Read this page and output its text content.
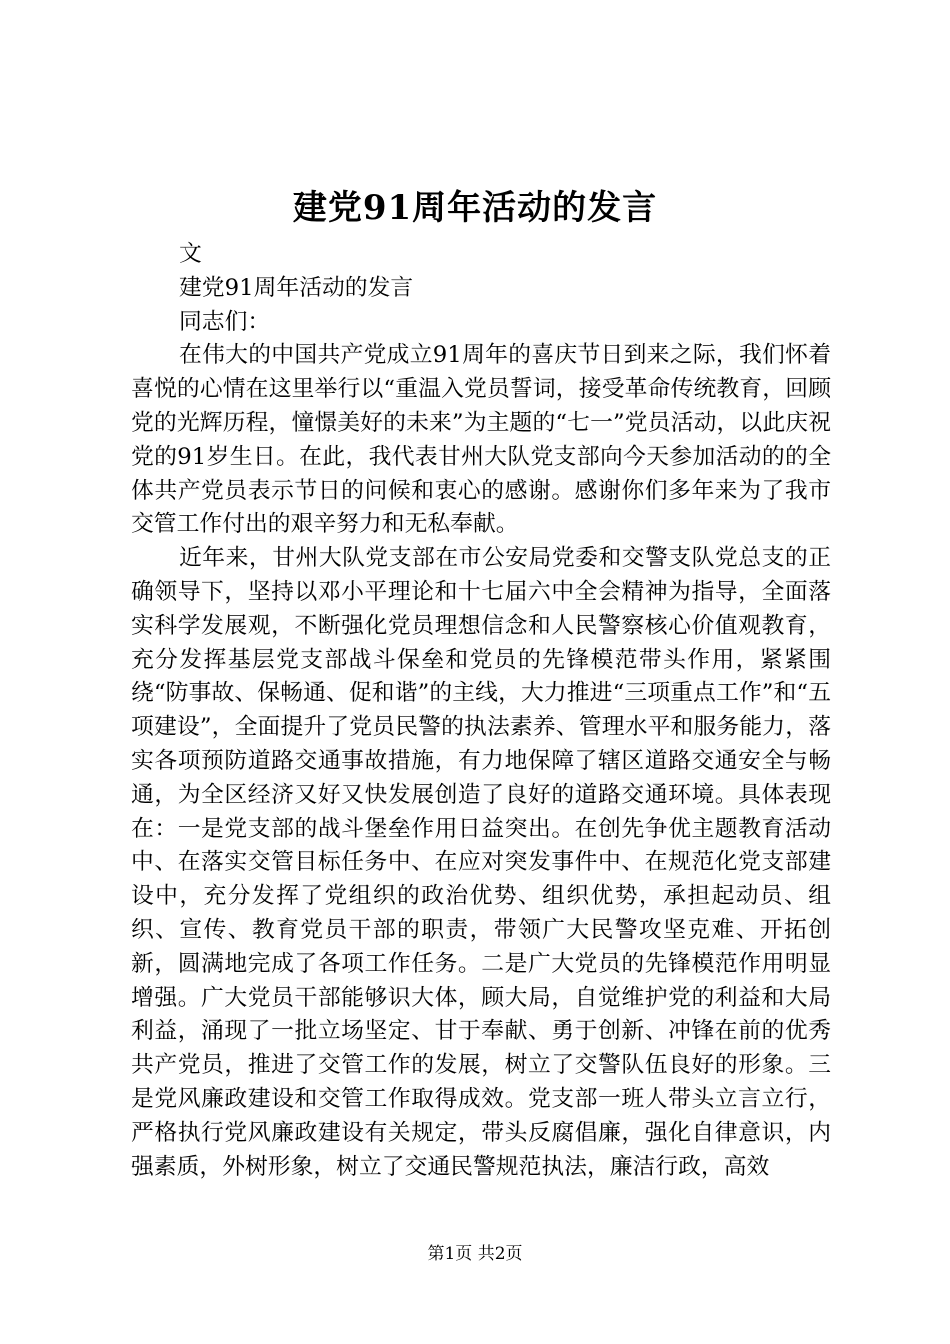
建党91周年活动的发言
文
建党91周年活动的发言
同志们：
在伟大的中国共产党成立91周年的喜庆节日到来之际，我们怀着喜悦的心情在这里举行以“重温入党员誓词，接受革命传统教育，回顾党的光辉历程，憧憬美好的未来”为主题的“七一”党员活动，以此庆祝党的91岁生日。在此，我代表甘州大队党支部向今天参加活动的的全体共产党员表示节日的问候和衷心的感谢。感谢你们多年来为了我市交管工作付出的艰辛努力和无私奉献。
近年来，甘州大队党支部在市公安局党委和交警支队党总支的正确领导下，坚持以邓小平理论和十七届六中全会精神为指导，全面落实科学发展观，不断强化党员理想信念和人民警察核心价值观教育，充分发挥基层党支部战斗保垒和党员的先锋模范带头作用，紧紧围绕“防事故、保畅通、促和谐”的主线，大力推进“三项重点工作”和“五项建设”，全面提升了党员民警的执法素养、管理水平和服务能力，落实各项预防道路交通事故措施，有力地保障了辖区道路交通安全与畅通，为全区经济又好又快发展创造了良好的道路交通环境。具体表现在：一是党支部的战斗堡垒作用日益突出。在创先争优主题教育活动中、在落实交管目标任务中、在应对突发事件中、在规范化党支部建设中，充分发挥了党组织的政治优势、组织优势，承担起动员、组织、宣传、教育党员干部的职责，带领广大民警攻坚克难、开拓创新，圆满地完成了各项工作任务。二是广大党员的先锋模范作用明显增强。广大党员干部能够识大体，顾大局，自觉维护党的利益和大局利益，涌现了一批立场坚定、甘于奉献、勇于创新、冲锋在前的优秀共产党员，推进了交管工作的发展，树立了交警队伍良好的形象。三是党风廉政建设和交管工作取得成效。党支部一班人带头立言立行，严格执行党风廉政建设有关规定，带头反腐倡廉，强化自律意识，内强素质，外树形象，树立了交通民警规范执法，廉洁行政，高效
第1页 共2页
